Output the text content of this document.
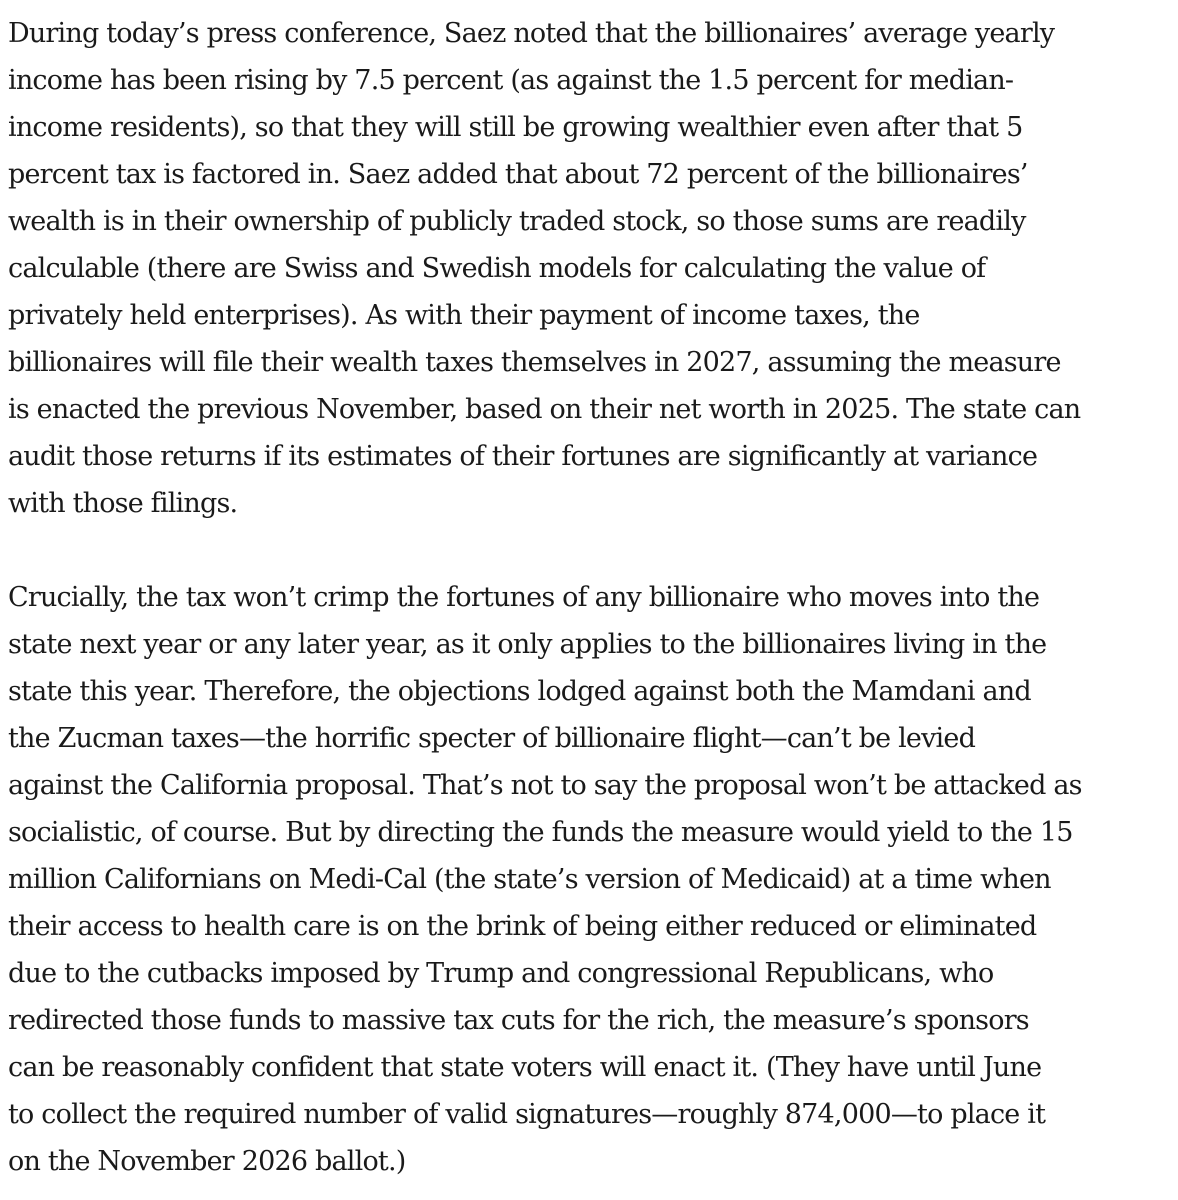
During today’s press conference, Saez noted that the billionaires’ average yearly
income has been rising by 7.5 percent (as against the 1.5 percent for median-
income residents), so that they will still be growing wealthier even after that 5
percent tax is factored in. Saez added that about 72 percent of the billionaires’
wealth is in their ownership of publicly traded stock, so those sums are readily
calculable (there are Swiss and Swedish models for calculating the value of
privately held enterprises). As with their payment of income taxes, the
billionaires will file their wealth taxes themselves in 2027, assuming the measure
is enacted the previous November, based on their net worth in 2025. The state can
audit those returns if its estimates of their fortunes are significantly at variance
with those filings.

Crucially, the tax won’t crimp the fortunes of any billionaire who moves into the
state next year or any later year, as it only applies to the billionaires living in the
state this year. Therefore, the objections lodged against both the Mamdani and
the Zucman taxes—the horrific specter of billionaire flight—can’t be levied
against the California proposal. That’s not to say the proposal won’t be attacked as
socialistic, of course. But by directing the funds the measure would yield to the 15
million Californians on Medi-Cal (the state’s version of Medicaid) at a time when
their access to health care is on the brink of being either reduced or eliminated
due to the cutbacks imposed by Trump and congressional Republicans, who
redirected those funds to massive tax cuts for the rich, the measure’s sponsors
can be reasonably confident that state voters will enact it. (They have until June
to collect the required number of valid signatures—roughly 874,000—to place it
on the November 2026 ballot.)
